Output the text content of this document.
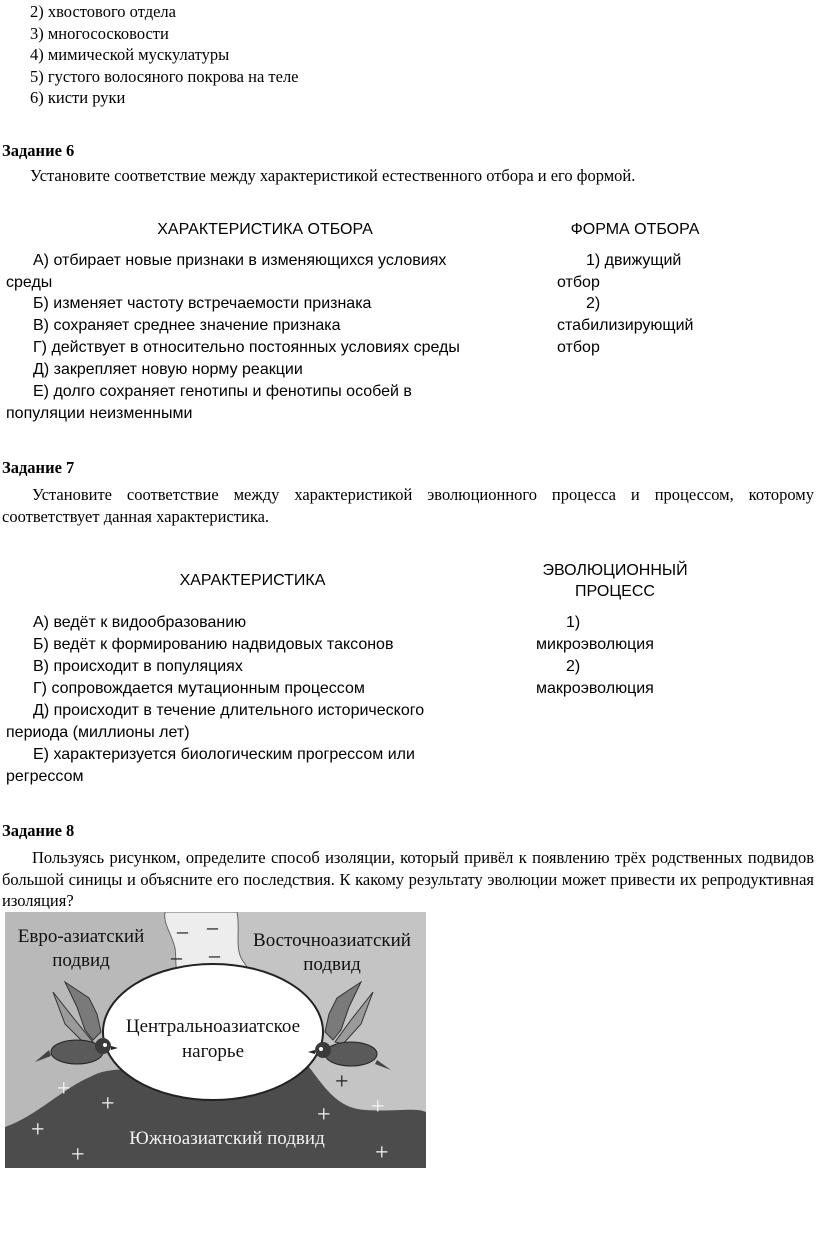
2) хвостового отдела
3) многососковости
4) мимической мускулатуры
5) густого волосяного покрова на теле
6) кисти руки
Задание 6
Установите соответствие между характеристикой естественного отбора и его формой.
ХАРАКТЕРИСТИКА ОТБОРА	ФОРМА ОТБОРА
А) отбирает новые признаки в изменяющихся условиях
среды
Б) изменяет частоту встречаемости признака
В) сохраняет среднее значение признака
Г) действует в относительно постоянных условиях среды
Д) закрепляет новую норму реакции
Е) долго сохраняет генотипы и фенотипы особей в
популяции неизменными
1) движущий
отбор
2)
стабилизирующий
отбор
Задание 7
Установите соответствие между характеристикой эволюционного процесса и процессом, которому соответствует данная характеристика.
ХАРАКТЕРИСТИКА
ЭВОЛЮЦИОННЫЙ
ПРОЦЕСС
А) ведёт к видообразованию
Б) ведёт к формированию надвидовых таксонов
В) происходит в популяциях
Г) сопровождается мутационным процессом
Д) происходит в течение длительного исторического
периода (миллионы лет)
Е) характеризуется биологическим прогрессом или
регрессом
1)
микроэволюция
2)
макроэволюция
Задание 8
Пользуясь рисунком, определите способ изоляции, который привёл к появлению трёх родственных подвидов большой синицы и объясните его последствия. К какому результату эволюции может привести их репродуктивная изоляция?
– –
– –
+
+
+
+
+
+ +
+
Евро-азиатский
подвид
Восточноазиатский
подвид
Центральноазиатское
нагорье
Южноазиатский подвид
